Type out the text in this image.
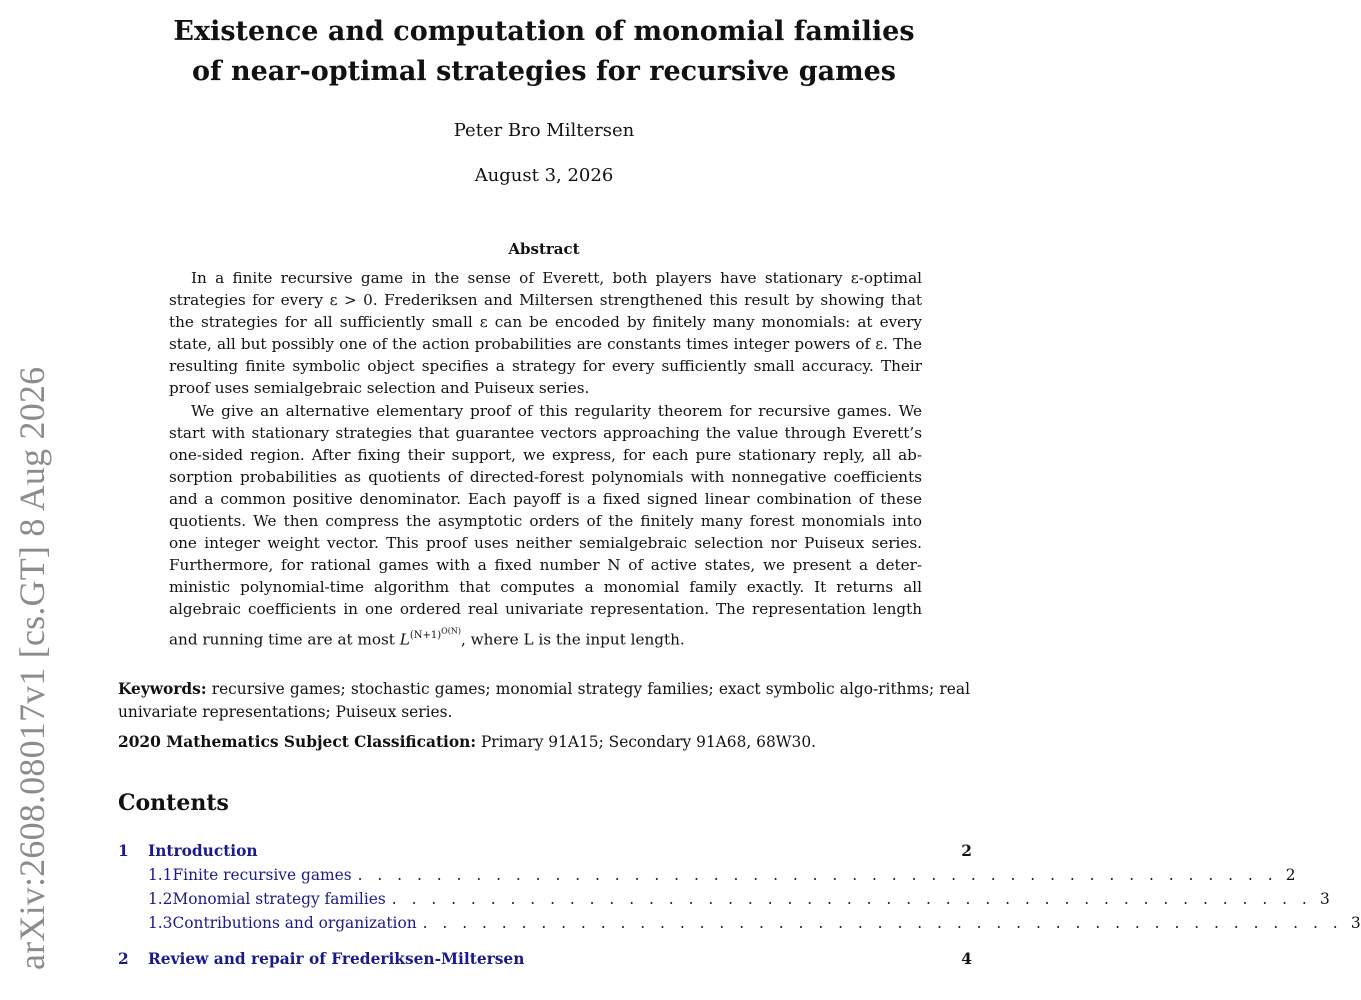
arXiv:2608.08017v1 [cs.GT] 8 Aug 2026
Existence and computation of monomial families
of near-optimal strategies for recursive games
Peter Bro Miltersen
August 3, 2026
Abstract

In a finite recursive game in the sense of Everett, both players have stationary ε-optimal strategies for every ε > 0. Frederiksen and Miltersen strengthened this result by showing that the strategies for all sufficiently small ε can be encoded by finitely many monomials: at every state, all but possibly one of the action probabilities are constants times integer powers of ε. The resulting finite symbolic object specifies a strategy for every sufficiently small accuracy. Their proof uses semialgebraic selection and Puiseux series.

We give an alternative elementary proof of this regularity theorem for recursive games. We start with stationary strategies that guarantee vectors approaching the value through Everett’s one-sided region. After fixing their support, we express, for each pure stationary reply, all ab- sorption probabilities as quotients of directed-forest polynomials with nonnegative coefficients and a common positive denominator. Each payoff is a fixed signed linear combination of these quotients. We then compress the asymptotic orders of the finitely many forest monomials into one integer weight vector. This proof uses neither semialgebraic selection nor Puiseux series. Furthermore, for rational games with a fixed number N of active states, we present a deter- ministic polynomial-time algorithm that computes a monomial family exactly. It returns all algebraic coefficients in one ordered real univariate representation. The representation length and running time are at most $L^{(N+1)^{O(N)}}$, where L is the input length.

Keywords: recursive games; stochastic games; monomial strategy families; exact symbolic algo-rithms; real univariate representations; Puiseux series.

2020 Mathematics Subject Classification: Primary 91A15; Secondary 91A68, 68W30.

Contents
1	Introduction	2
1.1 Finite recursive games . . . . . . . . . . . . . . . . . . . . . . . . . . . . . . . . . . . . . . . . . . . . . . . 2
1.2 Monomial strategy families . . . . . . . . . . . . . . . . . . . . . . . . . . . . . . . . . . . . . . . . . . . . . . . 3
1.3 Contributions and organization . . . . . . . . . . . . . . . . . . . . . . . . . . . . . . . . . . . . . . . . . . . . . . . 3
2	Review and repair of Frederiksen-Miltersen	4
